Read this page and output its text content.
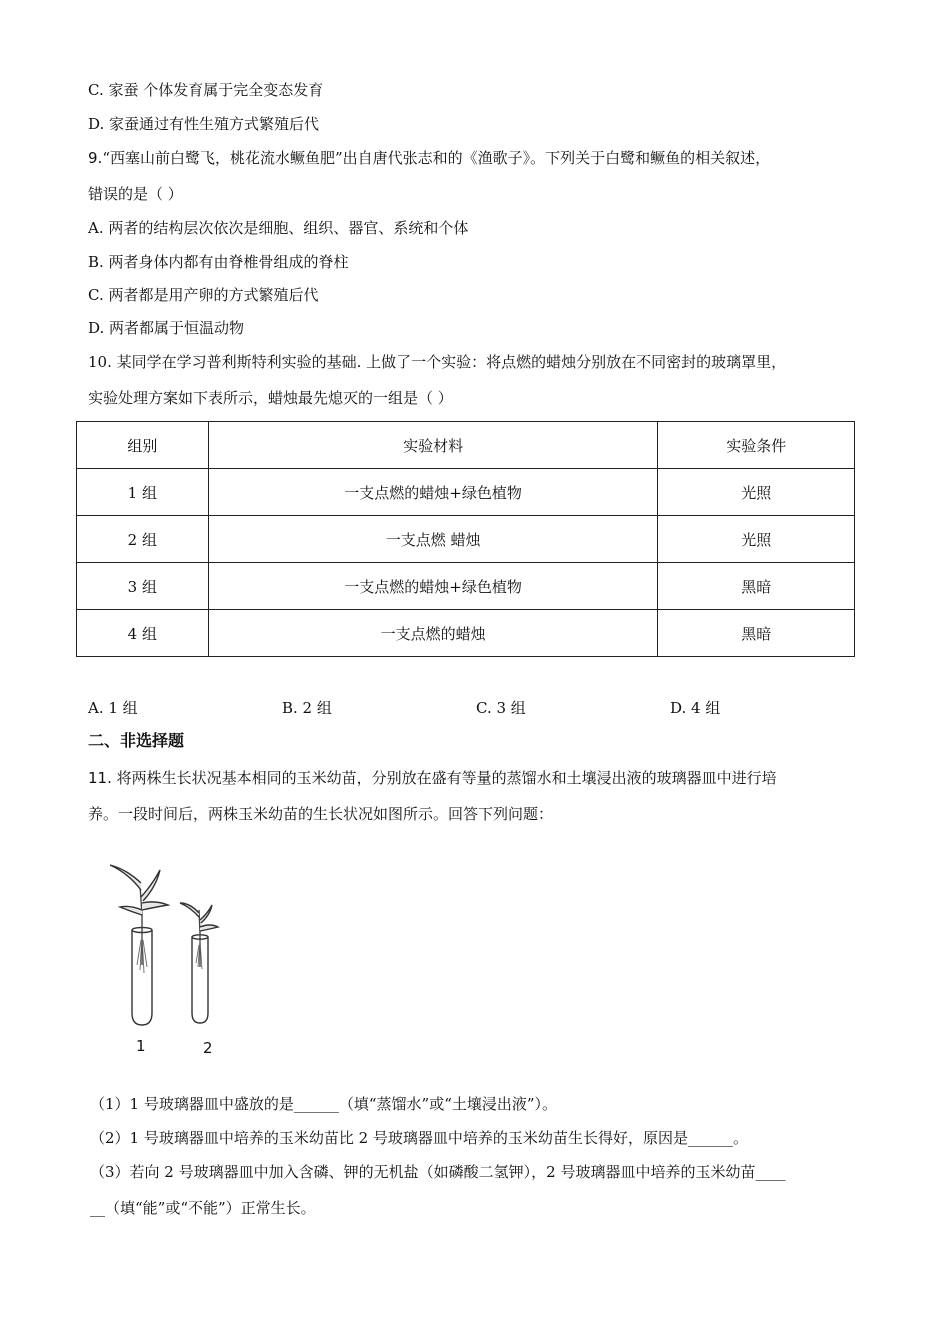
C. 家蚕 个体发育属于完全变态发育
D. 家蚕通过有性生殖方式繁殖后代
9.“西塞山前白鹭飞，桃花流水鳜鱼肥”出自唐代张志和的《渔歌子》。下列关于白鹭和鳜鱼的相关叙述，
错误的是（ ）
A. 两者的结构层次依次是细胞、组织、器官、系统和个体
B. 两者身体内都有由脊椎骨组成的脊柱
C. 两者都是用产卵的方式繁殖后代
D. 两者都属于恒温动物
10. 某同学在学习普利斯特利实验的基础. 上做了一个实验：将点燃的蜡烛分别放在不同密封的玻璃罩里，
实验处理方案如下表所示，蜡烛最先熄灭的一组是（ ）
组别	实验材料	实验条件
1 组	一支点燃的蜡烛+绿色植物	光照
2 组	一支点燃 蜡烛	光照
3 组	一支点燃的蜡烛+绿色植物	黑暗
4 组	一支点燃的蜡烛	黑暗
A. 1 组	B. 2 组	C. 3 组	D. 4 组
二、非选择题
11. 将两株生长状况基本相同的玉米幼苗，分别放在盛有等量的蒸馏水和土壤浸出液的玻璃器皿中进行培
养。一段时间后，两株玉米幼苗的生长状况如图所示。回答下列问题：
1	2
（1）1 号玻璃器皿中盛放的是______（填“蒸馏水”或“土壤浸出液”）。
（2）1 号玻璃器皿中培养的玉米幼苗比 2 号玻璃器皿中培养的玉米幼苗生长得好，原因是______。
（3）若向 2 号玻璃器皿中加入含磷、钾的无机盐（如磷酸二氢钾），2 号玻璃器皿中培养的玉米幼苗____
__（填“能”或“不能”）正常生长。
